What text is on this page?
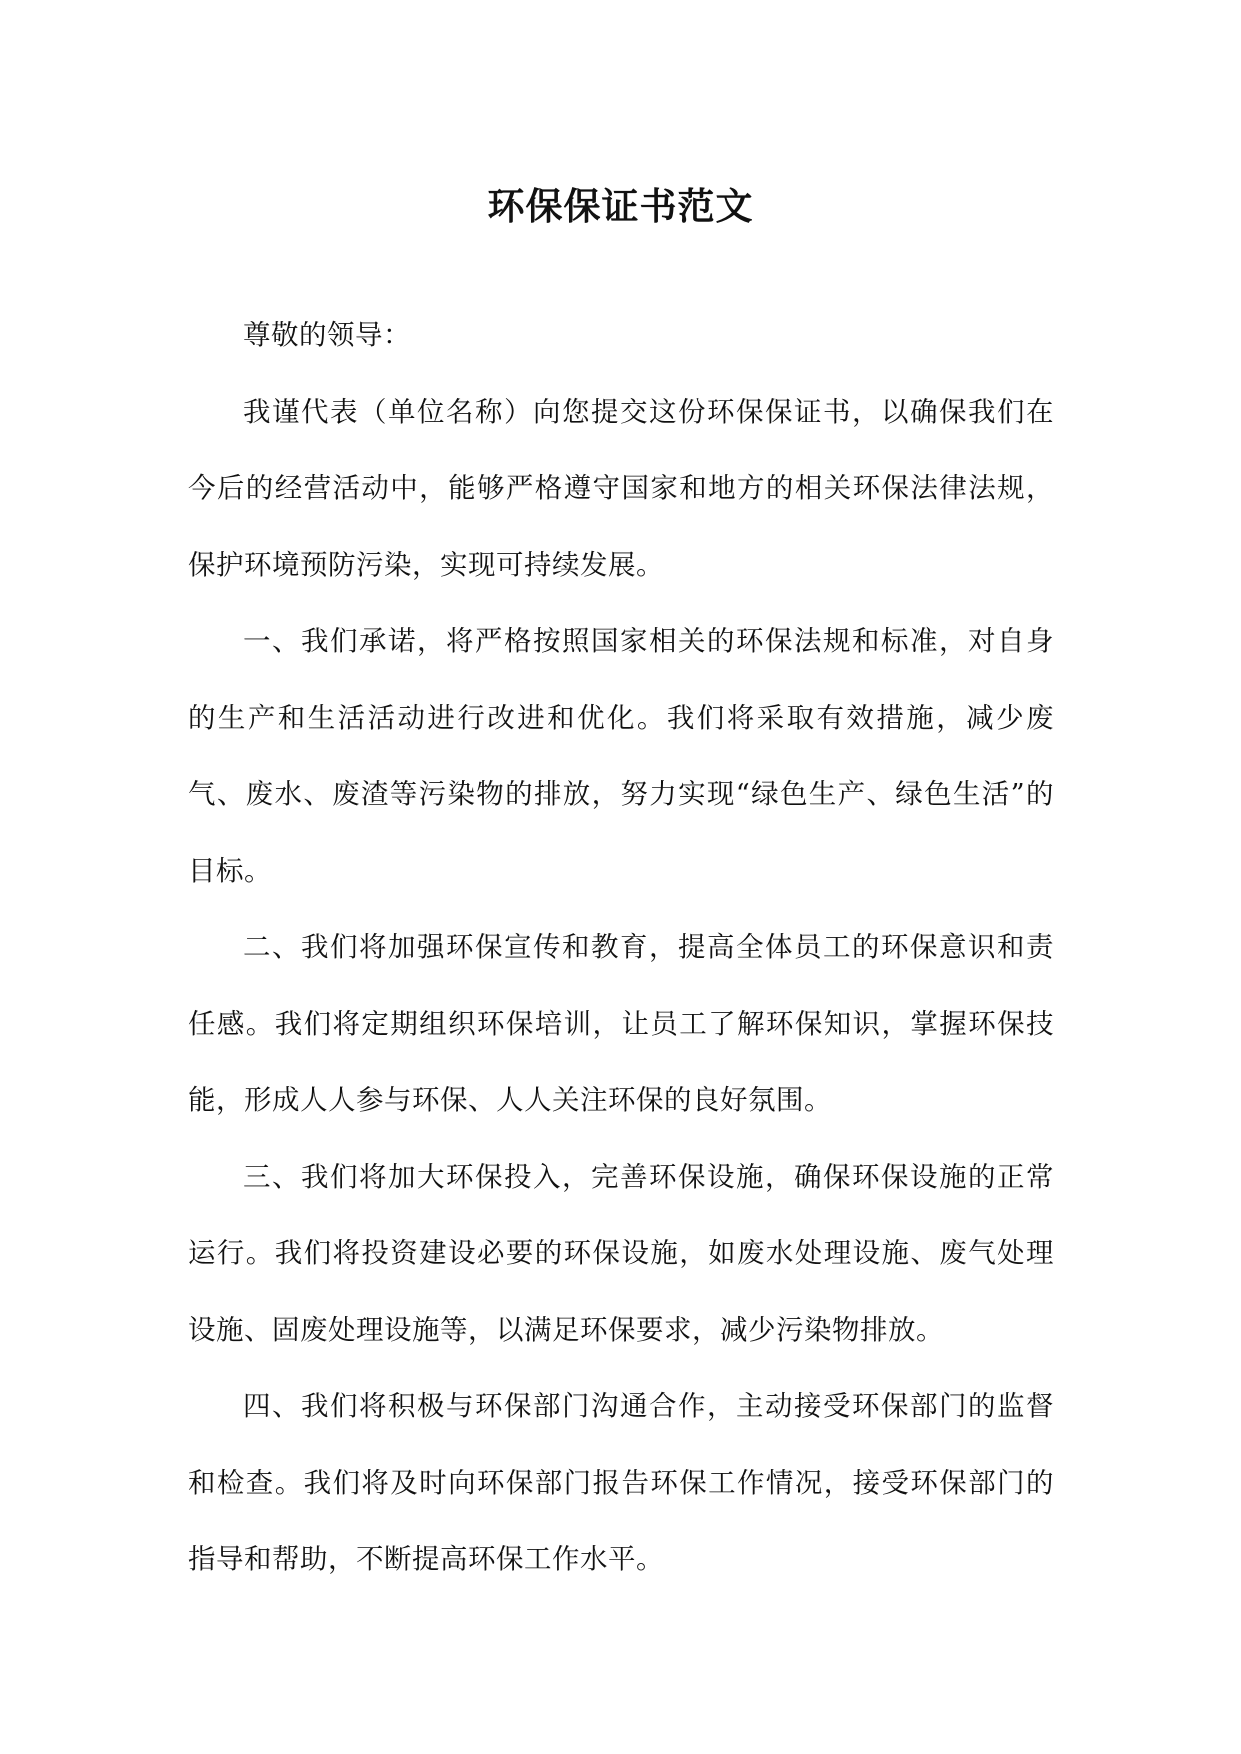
环保保证书范文

尊敬的领导：

我谨代表（单位名称）向您提交这份环保保证书，以确保我们在今后的经营活动中，能够严格遵守国家和地方的相关环保法律法规，保护环境预防污染，实现可持续发展。

一、我们承诺，将严格按照国家相关的环保法规和标准，对自身的生产和生活活动进行改进和优化。我们将采取有效措施，减少废气、废水、废渣等污染物的排放，努力实现“绿色生产、绿色生活”的目标。

二、我们将加强环保宣传和教育，提高全体员工的环保意识和责任感。我们将定期组织环保培训，让员工了解环保知识，掌握环保技能，形成人人参与环保、人人关注环保的良好氛围。

三、我们将加大环保投入，完善环保设施，确保环保设施的正常运行。我们将投资建设必要的环保设施，如废水处理设施、废气处理设施、固废处理设施等，以满足环保要求，减少污染物排放。

四、我们将积极与环保部门沟通合作，主动接受环保部门的监督和检查。我们将及时向环保部门报告环保工作情况，接受环保部门的指导和帮助，不断提高环保工作水平。
